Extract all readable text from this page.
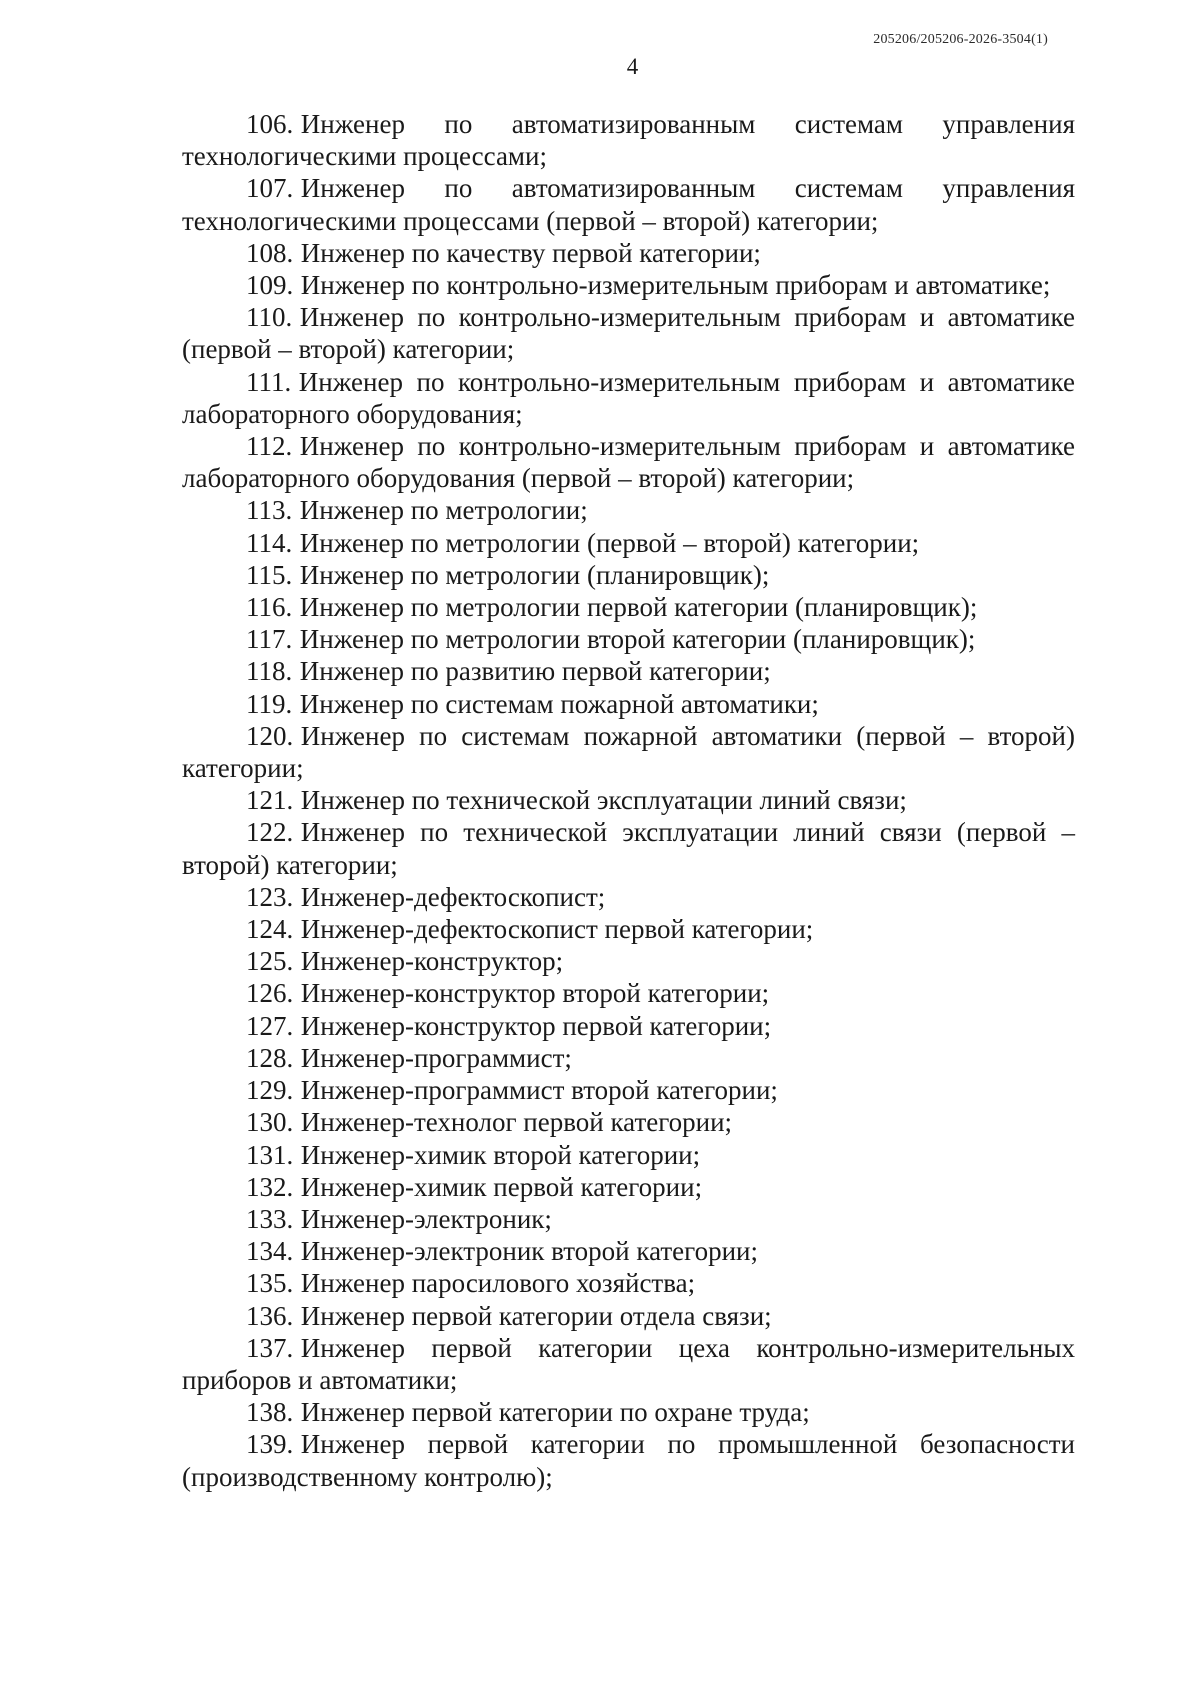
205206/205206-2026-3504(1)
4
106. Инженер по автоматизированным системам управления технологическими процессами;
107. Инженер по автоматизированным системам управления технологическими процессами (первой – второй) категории;
108. Инженер по качеству первой категории;
109. Инженер по контрольно-измерительным приборам и автоматике;
110. Инженер по контрольно-измерительным приборам и автоматике (первой – второй) категории;
111. Инженер по контрольно-измерительным приборам и автоматике лабораторного оборудования;
112. Инженер по контрольно-измерительным приборам и автоматике лабораторного оборудования (первой – второй) категории;
113. Инженер по метрологии;
114. Инженер по метрологии (первой – второй) категории;
115. Инженер по метрологии (планировщик);
116. Инженер по метрологии первой категории (планировщик);
117. Инженер по метрологии второй категории (планировщик);
118. Инженер по развитию первой категории;
119. Инженер по системам пожарной автоматики;
120. Инженер по системам пожарной автоматики (первой – второй) категории;
121. Инженер по технической эксплуатации линий связи;
122. Инженер по технической эксплуатации линий связи (первой – второй) категории;
123. Инженер-дефектоскопист;
124. Инженер-дефектоскопист первой категории;
125. Инженер-конструктор;
126. Инженер-конструктор второй категории;
127. Инженер-конструктор первой категории;
128. Инженер-программист;
129. Инженер-программист второй категории;
130. Инженер-технолог первой категории;
131. Инженер-химик второй категории;
132. Инженер-химик первой категории;
133. Инженер-электроник;
134. Инженер-электроник второй категории;
135. Инженер паросилового хозяйства;
136. Инженер первой категории отдела связи;
137. Инженер первой категории цеха контрольно-измерительных приборов и автоматики;
138. Инженер первой категории по охране труда;
139. Инженер первой категории по промышленной безопасности (производственному контролю);
